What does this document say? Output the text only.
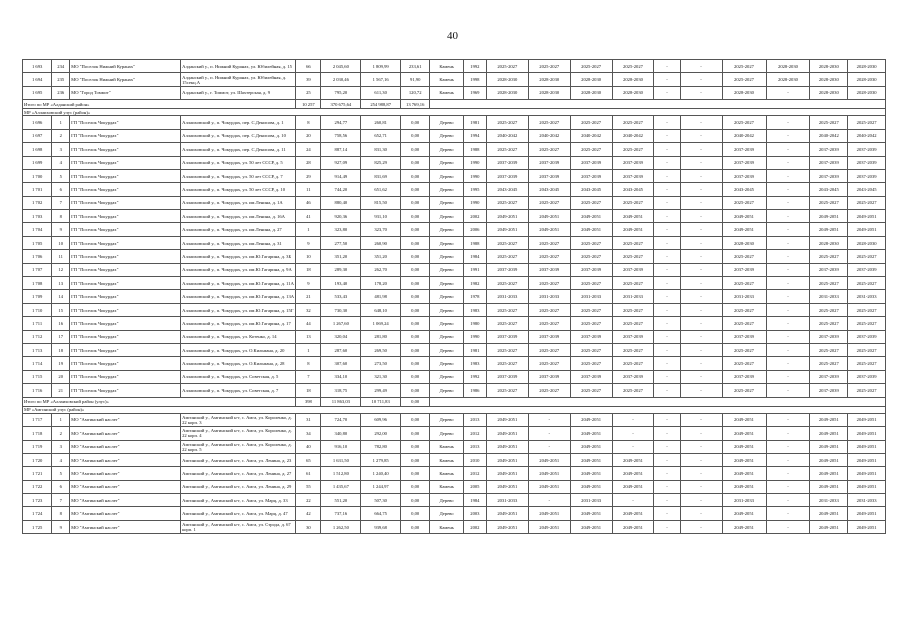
40
1 693	234	МО "Поселок Нижний Куранах"	Алданский у., п. Нижний Куранах, ул. Юбилейная, д. 15	66	2 045,60	1 809,99	233,61	Камень	1992	2025-2027	2025-2027	2025-2027	2025-2027	-	-	2025-2027	2028-2030	2028-2030	2028-2030
1 694	235	МО "Поселок Нижний Куранах"	Алданский у., п. Нижний Куранах, ул. Юбилейная, д. 15секц.А	39	2 030,46	1 567,16	91,90	Камень	1998	2028-2030	2028-2030	2028-2030	2028-2030	-	-	2025-2027	2028-2030	2028-2030	2028-2030
1 695	236	МО "Город Томмот"	Алданский у., г. Томмот, ул. Шахтерская, д. 9	25	795,20	611,30	120,72	Камень	1969	2028-2030	2028-2030	2028-2030	2028-2030	-	-	2028-2030	-	2028-2030	2028-2030
Итого по МР «Алданский район»				10 257	370 675,64	254 988,87	13 769,16												
МР «Аллаиховский улус (район)»																			
1 696	1	ГП "Поселок Чокурдах"	Аллаиховский у., п. Чокурдах, пер. С.Денисова, д. 1	8	294,77	260,81	0,00	Дерево	1981	2025-2027	2025-2027	2025-2027	2025-2027	-	-	2025-2027	-	2025-2027	2025-2027
1 697	2	ГП "Поселок Чокурдах"	Аллаиховский у., п. Чокурдах, пер. С.Денисова, д. 10	20	758,56	652,71	0,00	Дерево	1994	2040-2042	2040-2042	2040-2042	2040-2042	-	-	2040-2042	-	2040-2042	2040-2042
1 698	3	ГП "Поселок Чокурдах"	Аллаиховский у., п. Чокурдах, пер. С.Денисова, д. 11	24	887,14	831,30	0,00	Дерево	1988	2025-2027	2025-2027	2025-2027	2025-2027	-	-	2037-2039	-	2037-2039	2037-2039
1 699	4	ГП "Поселок Чокурдах"	Аллаиховский у., п. Чокурдах, ул. 50 лет СССР, д. 5	28	927,09	825,29	0,00	Дерево	1990	2037-2039	2037-2039	2037-2039	2037-2039	-	-	2037-2039	-	2037-2039	2037-2039
1 700	5	ГП "Поселок Чокурдах"	Аллаиховский у., п. Чокурдах, ул. 50 лет СССР, д. 7	29	914,49	831,69	0,00	Дерево	1990	2037-2039	2037-2039	2037-2039	2037-2039	-	-	2037-2039	-	2037-2039	2037-2039
1 701	6	ГП "Поселок Чокурдах"	Аллаиховский у., п. Чокурдах, ул. 50 лет СССР, д. 10	11	744,20	651,62	0,00	Дерево	1995	2043-2045	2043-2045	2043-2045	2043-2045	-	-	2043-2045	-	2043-2045	2043-2045
1 702	7	ГП "Поселок Чокурдах"	Аллаиховский у., п. Чокурдах, ул. им.Ленина, д. 1А	46	880,40	815,50	0,00	Дерево	1990	2025-2027	2025-2027	2025-2027	2025-2027	-	-	2025-2027	-	2025-2027	2025-2027
1 703	8	ГП "Поселок Чокурдах"	Аллаиховский у., п. Чокурдах, ул. им.Ленина, д. 16А	41	920,36	931,10	0,00	Дерево	2002	2049-2051	2049-2051	2049-2051	2049-2051	-	-	2049-2051	-	2049-2051	2049-2051
1 704	9	ГП "Поселок Чокурдах"	Аллаиховский у., п. Чокурдах, ул. им.Ленина, д. 27	1	323,80	323,70	0,00	Дерево	2006	2049-2051	2049-2051	2049-2051	2049-2051	-	-	2049-2051	-	2049-2051	2049-2051
1 705	10	ГП "Поселок Чокурдах"	Аллаиховский у., п. Чокурдах, ул. им.Ленина, д. 31	9	277,50	260,90	0,00	Дерево	1988	2025-2027	2025-2027	2025-2027	2025-2027	-	-	2028-2030	-	2028-2030	2028-2030
1 706	11	ГП "Поселок Чокурдах"	Аллаиховский у., п. Чокурдах, ул. им.Ю.Гагарина, д. 3Б	10	351,20	351,20	0,00	Дерево	1984	2025-2027	2025-2027	2025-2027	2025-2027	-	-	2025-2027	-	2025-2027	2025-2027
1 707	12	ГП "Поселок Чокурдах"	Аллаиховский у., п. Чокурдах, ул. им.Ю.Гагарина, д. 9А	18	289,30	262,70	0,00	Дерево	1991	2037-2039	2037-2039	2037-2039	2037-2039	-	-	2037-2039	-	2037-2039	2037-2039
1 708	13	ГП "Поселок Чокурдах"	Аллаиховский у., п. Чокурдах, ул. им.Ю.Гагарина, д. 11А	9	193,40	178,20	0,00	Дерево	1982	2025-2027	2025-2027	2025-2027	2025-2027	-	-	2025-2027	-	2025-2027	2025-2027
1 709	14	ГП "Поселок Чокурдах"	Аллаиховский у., п. Чокурдах, ул. им.Ю.Гагарина, д. 13А	21	533,43	481,98	0,00	Дерево	1978	2031-2033	2031-2033	2031-2033	2031-2033	-	-	2031-2033	-	2031-2033	2031-2033
1 710	15	ГП "Поселок Чокурдах"	Аллаиховский у., п. Чокурдах, ул. им.Ю.Гагарина, д. 15Г	32	730,30	648,10	0,00	Дерево	1983	2025-2027	2025-2027	2025-2027	2025-2027	-	-	2025-2027	-	2025-2027	2025-2027
1 711	16	ГП "Поселок Чокурдах"	Аллаиховский у., п. Чокурдах, ул. им.Ю.Гагарина, д. 17	44	1 267,60	1 069,24	0,00	Дерево	1980	2025-2027	2025-2027	2025-2027	2025-2027	-	-	2025-2027	-	2025-2027	2025-2027
1 712	17	ГП "Поселок Чокурдах"	Аллаиховский у., п. Чокурдах, ул. Котенко, д. 14	13	320,04	281,80	0,00	Дерево	1990	2037-2039	2037-2039	2037-2039	2037-2039	-	-	2037-2039	-	2037-2039	2037-2039
1 713	18	ГП "Поселок Чокурдах"	Аллаиховский у., п. Чокурдах, ул. О.Кильмана, д. 20	1	287,60	269,50	0,00	Дерево	1981	2025-2027	2025-2027	2025-2027	2025-2027	-	-	2025-2027	-	2025-2027	2025-2027
1 714	19	ГП "Поселок Чокурдах"	Аллаиховский у., п. Чокурдах, ул. О.Кильмана, д. 28	8	307,60	273,50	0,00	Дерево	1983	2025-2027	2025-2027	2025-2027	2025-2027	-	-	2025-2027	-	2025-2027	2025-2027
1 715	20	ГП "Поселок Чокурдах"	Аллаиховский у., п. Чокурдах, ул. Советская, д. 5	7	334,10	321,30	0,00	Дерево	1992	2037-2039	2037-2039	2037-2039	2037-2039	-	-	2037-2039	-	2037-2039	2037-2039
1 716	21	ГП "Поселок Чокурдах"	Аллаиховский у., п. Чокурдах, ул. Советская, д. 7	18	318,75	299,49	0,00	Дерево	1986	2025-2027	2025-2027	2025-2027	2025-2027	-	-	2025-2027	-	2037-2039	2025-2027
Итого по МР «Аллаиховский район (улус)»				398	11 863,03	10 711,83	0,00												
МР «Амгинский улус (район)»																			
1 717	1	МО "Амгинский наслег"	Амгинский у., Амгинский н-г, с. Амга, ул. Короленко, д. 22 корп. 3	31	724,70	609,96	0,00	Дерево	2013	2049-2051	-	2049-2051	-	-	-	2049-2051	-	2049-2051	2049-2051
1 718	2	МО "Амгинский наслег"	Амгинский у., Амгинский н-г, с. Амга, ул. Короленко, д. 22 корп. 4	34	340,80	292,00	0,00	Дерево	2012	2049-2051	-	2049-2051	-	-	-	2049-2051	-	2049-2051	2049-2051
1 719	3	МО "Амгинский наслег"	Амгинский у., Амгинский н-г, с. Амга, ул. Короленко, д. 22 корп. 5	40	916,10	782,80	0,00	Камень	2013	2049-2051	-	2049-2051	-	-	-	2049-2051	-	2049-2051	2049-2051
1 720	4	МО "Амгинский наслег"	Амгинский у., Амгинский н-г, с. Амга, ул. Ленина, д. 23	65	1 631,50	1 279,85	0,00	Камень	2010	2049-2051	2049-2051	2049-2051	2049-2051	-	-	2049-2051	-	2049-2051	2049-2051
1 721	5	МО "Амгинский наслег"	Амгинский у., Амгинский н-г, с. Амга, ул. Ленина, д. 27	61	1 512,80	1 240,40	0,00	Камень	2012	2049-2051	2049-2051	2049-2051	2049-2051	-	-	2049-2051	-	2049-2051	2049-2051
1 722	6	МО "Амгинский наслег"	Амгинский у., Амгинский н-г, с. Амга, ул. Ленина, д. 29	55	1 435,67	1 244,97	0,00	Камень	2005	2049-2051	2049-2051	2049-2051	2049-2051	-	-	2049-2051	-	2049-2051	2049-2051
1 723	7	МО "Амгинский наслег"	Амгинский у., Амгинский н-г, с. Амга, ул. Марц, д. 33	22	551,20	507,30	0,00	Дерево	1984	2031-2033	-	2031-2033	-	-	-	2031-2033	-	2031-2033	2031-2033
1 724	8	МО "Амгинский наслег"	Амгинский у., Амгинский н-г, с. Амга, ул. Марц, д. 47	42	737,16	664,75	0,00	Дерево	2003	2049-2051	2049-2051	2049-2051	2049-2051	-	-	2049-2051	-	2049-2051	2049-2051
1 725	9	МО "Амгинский наслег"	Амгинский у., Амгинский н-г, с. Амга, ул. Строда, д. 67 корп. 1	30	1 262,50	939,68	0,00	Камень	2002	2049-2051	2049-2051	2049-2051	2049-2051	-	-	2049-2051	-	2049-2051	2049-2051
